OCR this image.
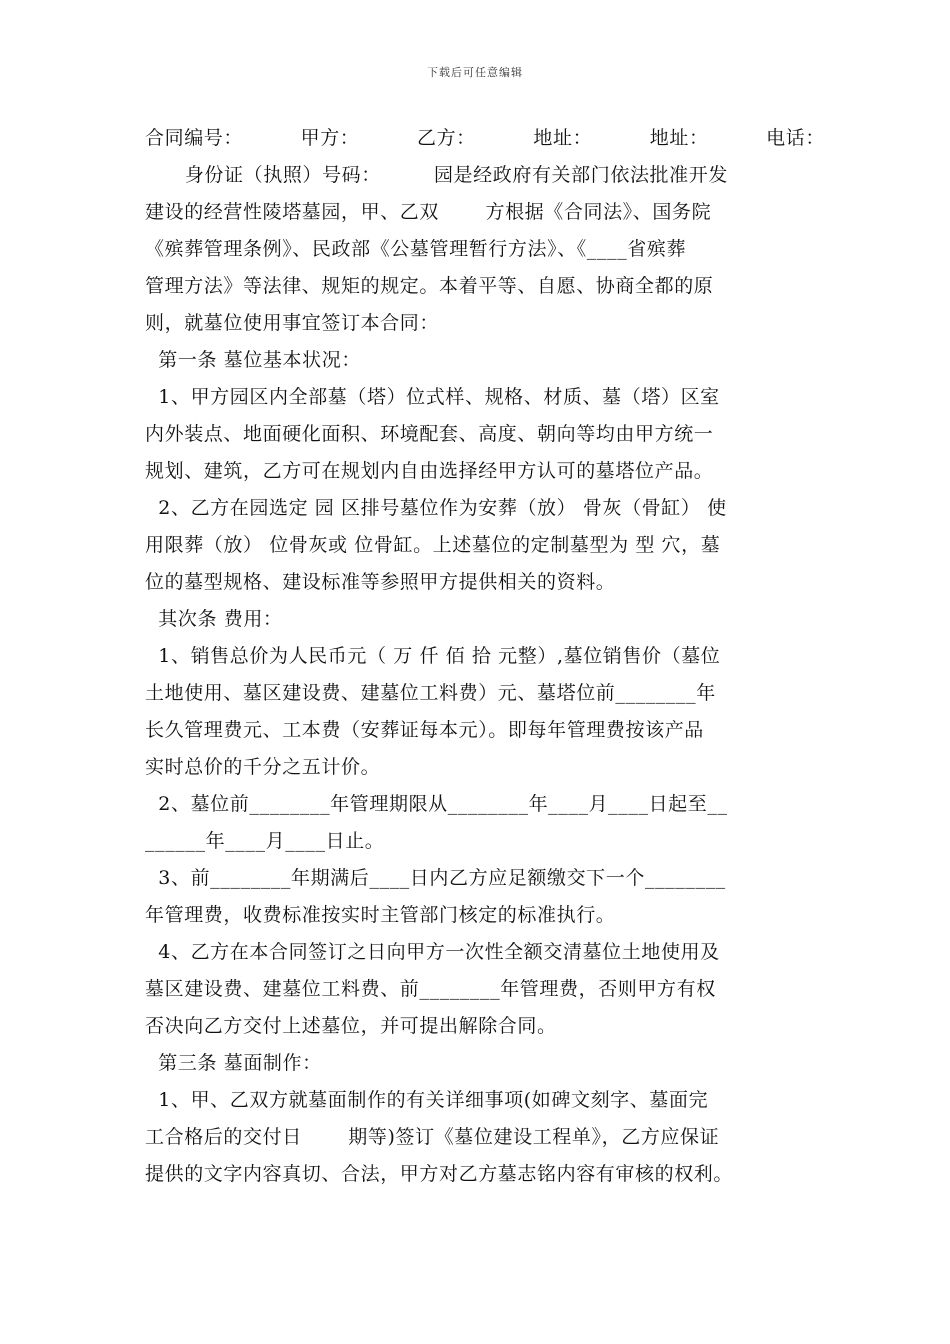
下载后可任意编辑
合同编号：	甲方：	乙方：	地址：	地址：	电话：
身份证（执照）号码：        园是经政府有关部门依法批准开发
建设的经营性陵塔墓园，甲、乙双       方根据《合同法》、国务院
《殡葬管理条例》、民政部《公墓管理暂行方法》、《____省殡葬
管理方法》等法律、规矩的规定。本着平等、自愿、协商全都的原
则，就墓位使用事宜签订本合同：
第一条 墓位基本状况：
1、甲方园区内全部墓（塔）位式样、规格、材质、墓（塔）区室
内外装点、地面硬化面积、环境配套、高度、朝向等均由甲方统一
规划、建筑，乙方可在规划内自由选择经甲方认可的墓塔位产品。
2、乙方在园选定 园 区排号墓位作为安葬（放） 骨灰（骨缸） 使
用限葬（放） 位骨灰或 位骨缸。上述墓位的定制墓型为 型 穴，墓
位的墓型规格、建设标准等参照甲方提供相关的资料。
其次条 费用：
1、销售总价为人民币元（ 万 仟 佰 拾 元整）,墓位销售价（墓位
土地使用、墓区建设费、建墓位工料费）元、墓塔位前________年
长久管理费元、工本费（安葬证每本元）。即每年管理费按该产品
实时总价的千分之五计价。
2、墓位前________年管理期限从________年____月____日起至__
______年____月____日止。
3、前________年期满后____日内乙方应足额缴交下一个________
年管理费，收费标准按实时主管部门核定的标准执行。
4、乙方在本合同签订之日向甲方一次性全额交清墓位土地使用及
墓区建设费、建墓位工料费、前________年管理费，否则甲方有权
否决向乙方交付上述墓位，并可提出解除合同。
第三条 墓面制作：
1、甲、乙双方就墓面制作的有关详细事项(如碑文刻字、墓面完
工合格后的交付日       期等)签订《墓位建设工程单》，乙方应保证
提供的文字内容真切、合法，甲方对乙方墓志铭内容有审核的权利。
